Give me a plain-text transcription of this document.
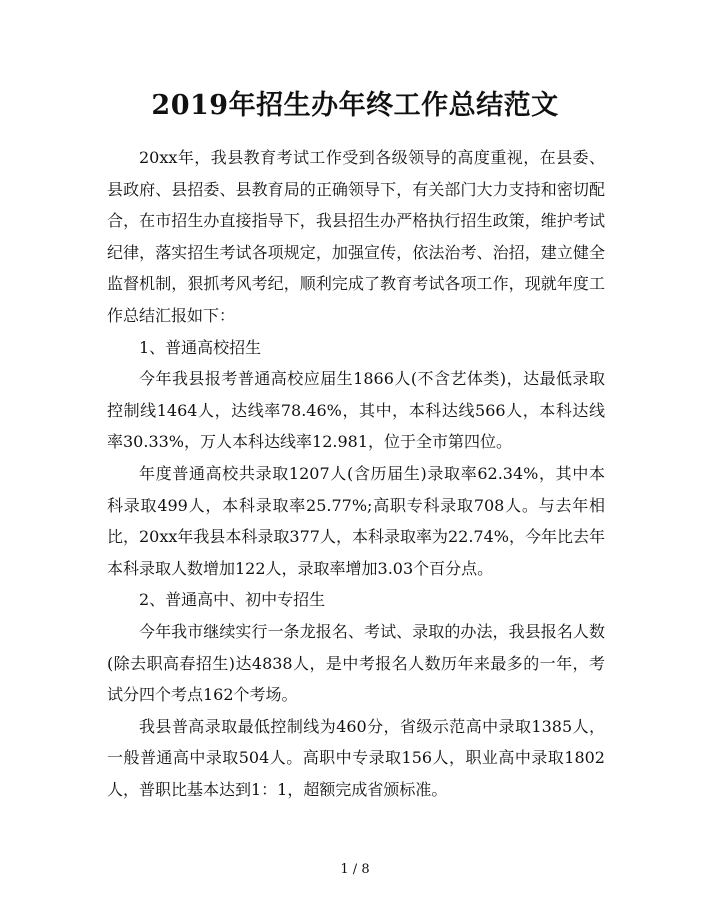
2019年招生办年终工作总结范文

20xx年，我县教育考试工作受到各级领导的高度重视，在县委、县政府、县招委、县教育局的正确领导下，有关部门大力支持和密切配合，在市招生办直接指导下，我县招生办严格执行招生政策，维护考试纪律，落实招生考试各项规定，加强宣传，依法治考、治招，建立健全监督机制，狠抓考风考纪，顺利完成了教育考试各项工作，现就年度工作总结汇报如下：

1、普通高校招生

今年我县报考普通高校应届生1866人(不含艺体类)，达最低录取控制线1464人，达线率78.46%，其中，本科达线566人，本科达线率30.33%，万人本科达线率12.981，位于全市第四位。

年度普通高校共录取1207人(含历届生)录取率62.34%，其中本科录取499人，本科录取率25.77%;高职专科录取708人。与去年相比，20xx年我县本科录取377人，本科录取率为22.74%，今年比去年本科录取人数增加122人，录取率增加3.03个百分点。

2、普通高中、初中专招生

今年我市继续实行一条龙报名、考试、录取的办法，我县报名人数(除去职高春招生)达4838人，是中考报名人数历年来最多的一年，考试分四个考点162个考场。

我县普高录取最低控制线为460分，省级示范高中录取1385人，一般普通高中录取504人。高职中专录取156人，职业高中录取1802人，普职比基本达到1：1，超额完成省颁标准。

1 / 8
